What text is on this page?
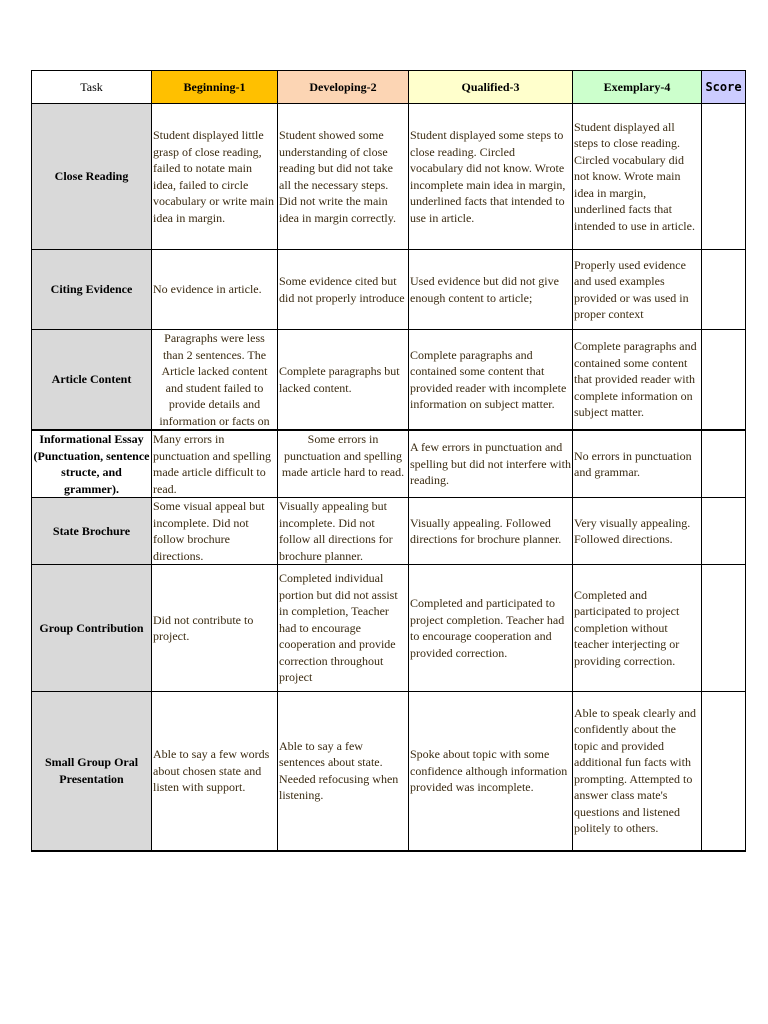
Task	Beginning-1	Developing-2	Qualified-3	Exemplary-4	Score
Close Reading	Student displayed little grasp of close reading, failed to notate main idea, failed to circle vocabulary or write main idea in margin.	Student showed some understanding of close reading but did not take all the necessary steps. Did not write the main idea in margin correctly.	Student displayed some steps to close reading. Circled vocabulary did not know. Wrote incomplete main idea in margin, underlined facts that intended to use in article.	Student displayed all steps to close reading. Circled vocabulary did not know. Wrote main idea in margin, underlined facts that intended to use in article.	
Citing Evidence	No evidence in article.	Some evidence cited but did not properly introduce	Used evidence but did not give enough content to article;	Properly used evidence and used examples provided or was used in proper context	
Article Content	Paragraphs were less than 2 sentences. The Article lacked content and student failed to provide details and information or facts on	Complete paragraphs but lacked content.	Complete paragraphs and contained some content that provided reader with incomplete information on subject matter.	Complete paragraphs and contained some content that provided reader with complete information on subject matter.	
Informational Essay (Punctuation, sentence structe, and grammer).	Many errors in punctuation and spelling made article difficult to read.	Some errors in punctuation and spelling made article hard to read.	A few errors in punctuation and spelling but did not interfere with reading.	No errors in punctuation and grammar.	
State Brochure	Some visual appeal but incomplete. Did not follow brochure directions.	Visually appealing but incomplete. Did not follow all directions for brochure planner.	Visually appealing. Followed directions for brochure planner.	Very visually appealing. Followed directions.	
Group Contribution	Did not contribute to project.	Completed individual portion but did not assist in completion, Teacher had to encourage cooperation and provide correction throughout project	Completed and participated to project completion. Teacher had to encourage cooperation and provided correction.	Completed and participated to project completion without teacher interjecting or providing correction.	
Small Group Oral Presentation	Able to say a few words about chosen state and listen with support.	Able to say a few sentences about state. Needed refocusing when listening.	Spoke about topic with some confidence although information provided was incomplete.	Able to speak clearly and confidently about the topic and provided additional fun facts with prompting. Attempted to answer class mate's questions and listened politely to others.	
